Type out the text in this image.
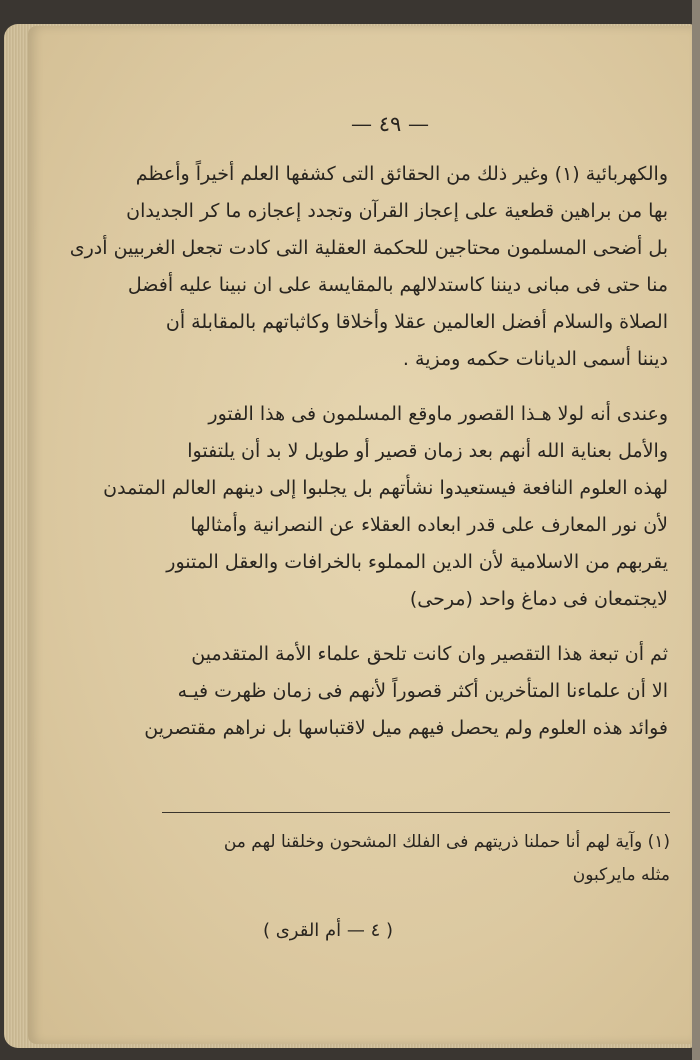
— ٤٩ —
والكهربائية (١) وغير ذلك من الحقائق التى كشفها العلم أخيراً وأعظم
بها من براهين قطعية على إعجاز القرآن وتجدد إعجازه ما كر الجديدان
بل أضحى المسلمون محتاجين للحكمة العقلية التى كادت تجعل الغربيين أدرى
منا حتى فى مبانى ديننا كاستدلالهم بالمقايسة على ان نبينا عليه أفضل
الصلاة والسلام أفضل العالمين عقلا وأخلاقا وكاثباتهم بالمقابلة أن
ديننا أسمى الديانات حكمه ومزية .
وعندى أنه لولا هـذا القصور ماوقع المسلمون فى هذا الفتور
والأمل بعناية الله أنهم بعد زمان قصير أو طويل لا بد أن يلتفتوا
لهذه العلوم النافعة فيستعيدوا نشأتهم بل يجلبوا إلى دينهم العالم المتمدن
لأن نور المعارف على قدر ابعاده العقلاء عن النصرانية وأمثالها
يقربهم من الاسلامية لأن الدين المملوء بالخرافات والعقل المتنور
لايجتمعان فى دماغ واحد (مرحى)
ثم أن تبعة هذا التقصير وان كانت تلحق علماء الأمة المتقدمين
الا أن علماءنا المتأخرين أكثر قصوراً لأنهم فى زمان ظهرت فيـه
فوائد هذه العلوم ولم يحصل فيهم ميل لاقتباسها بل نراهم مقتصرين
(١) وآية لهم أنا حملنا ذريتهم فى الفلك المشحون وخلقنا لهم من
مثله مايركبون
( ٤ — أم القرى )
